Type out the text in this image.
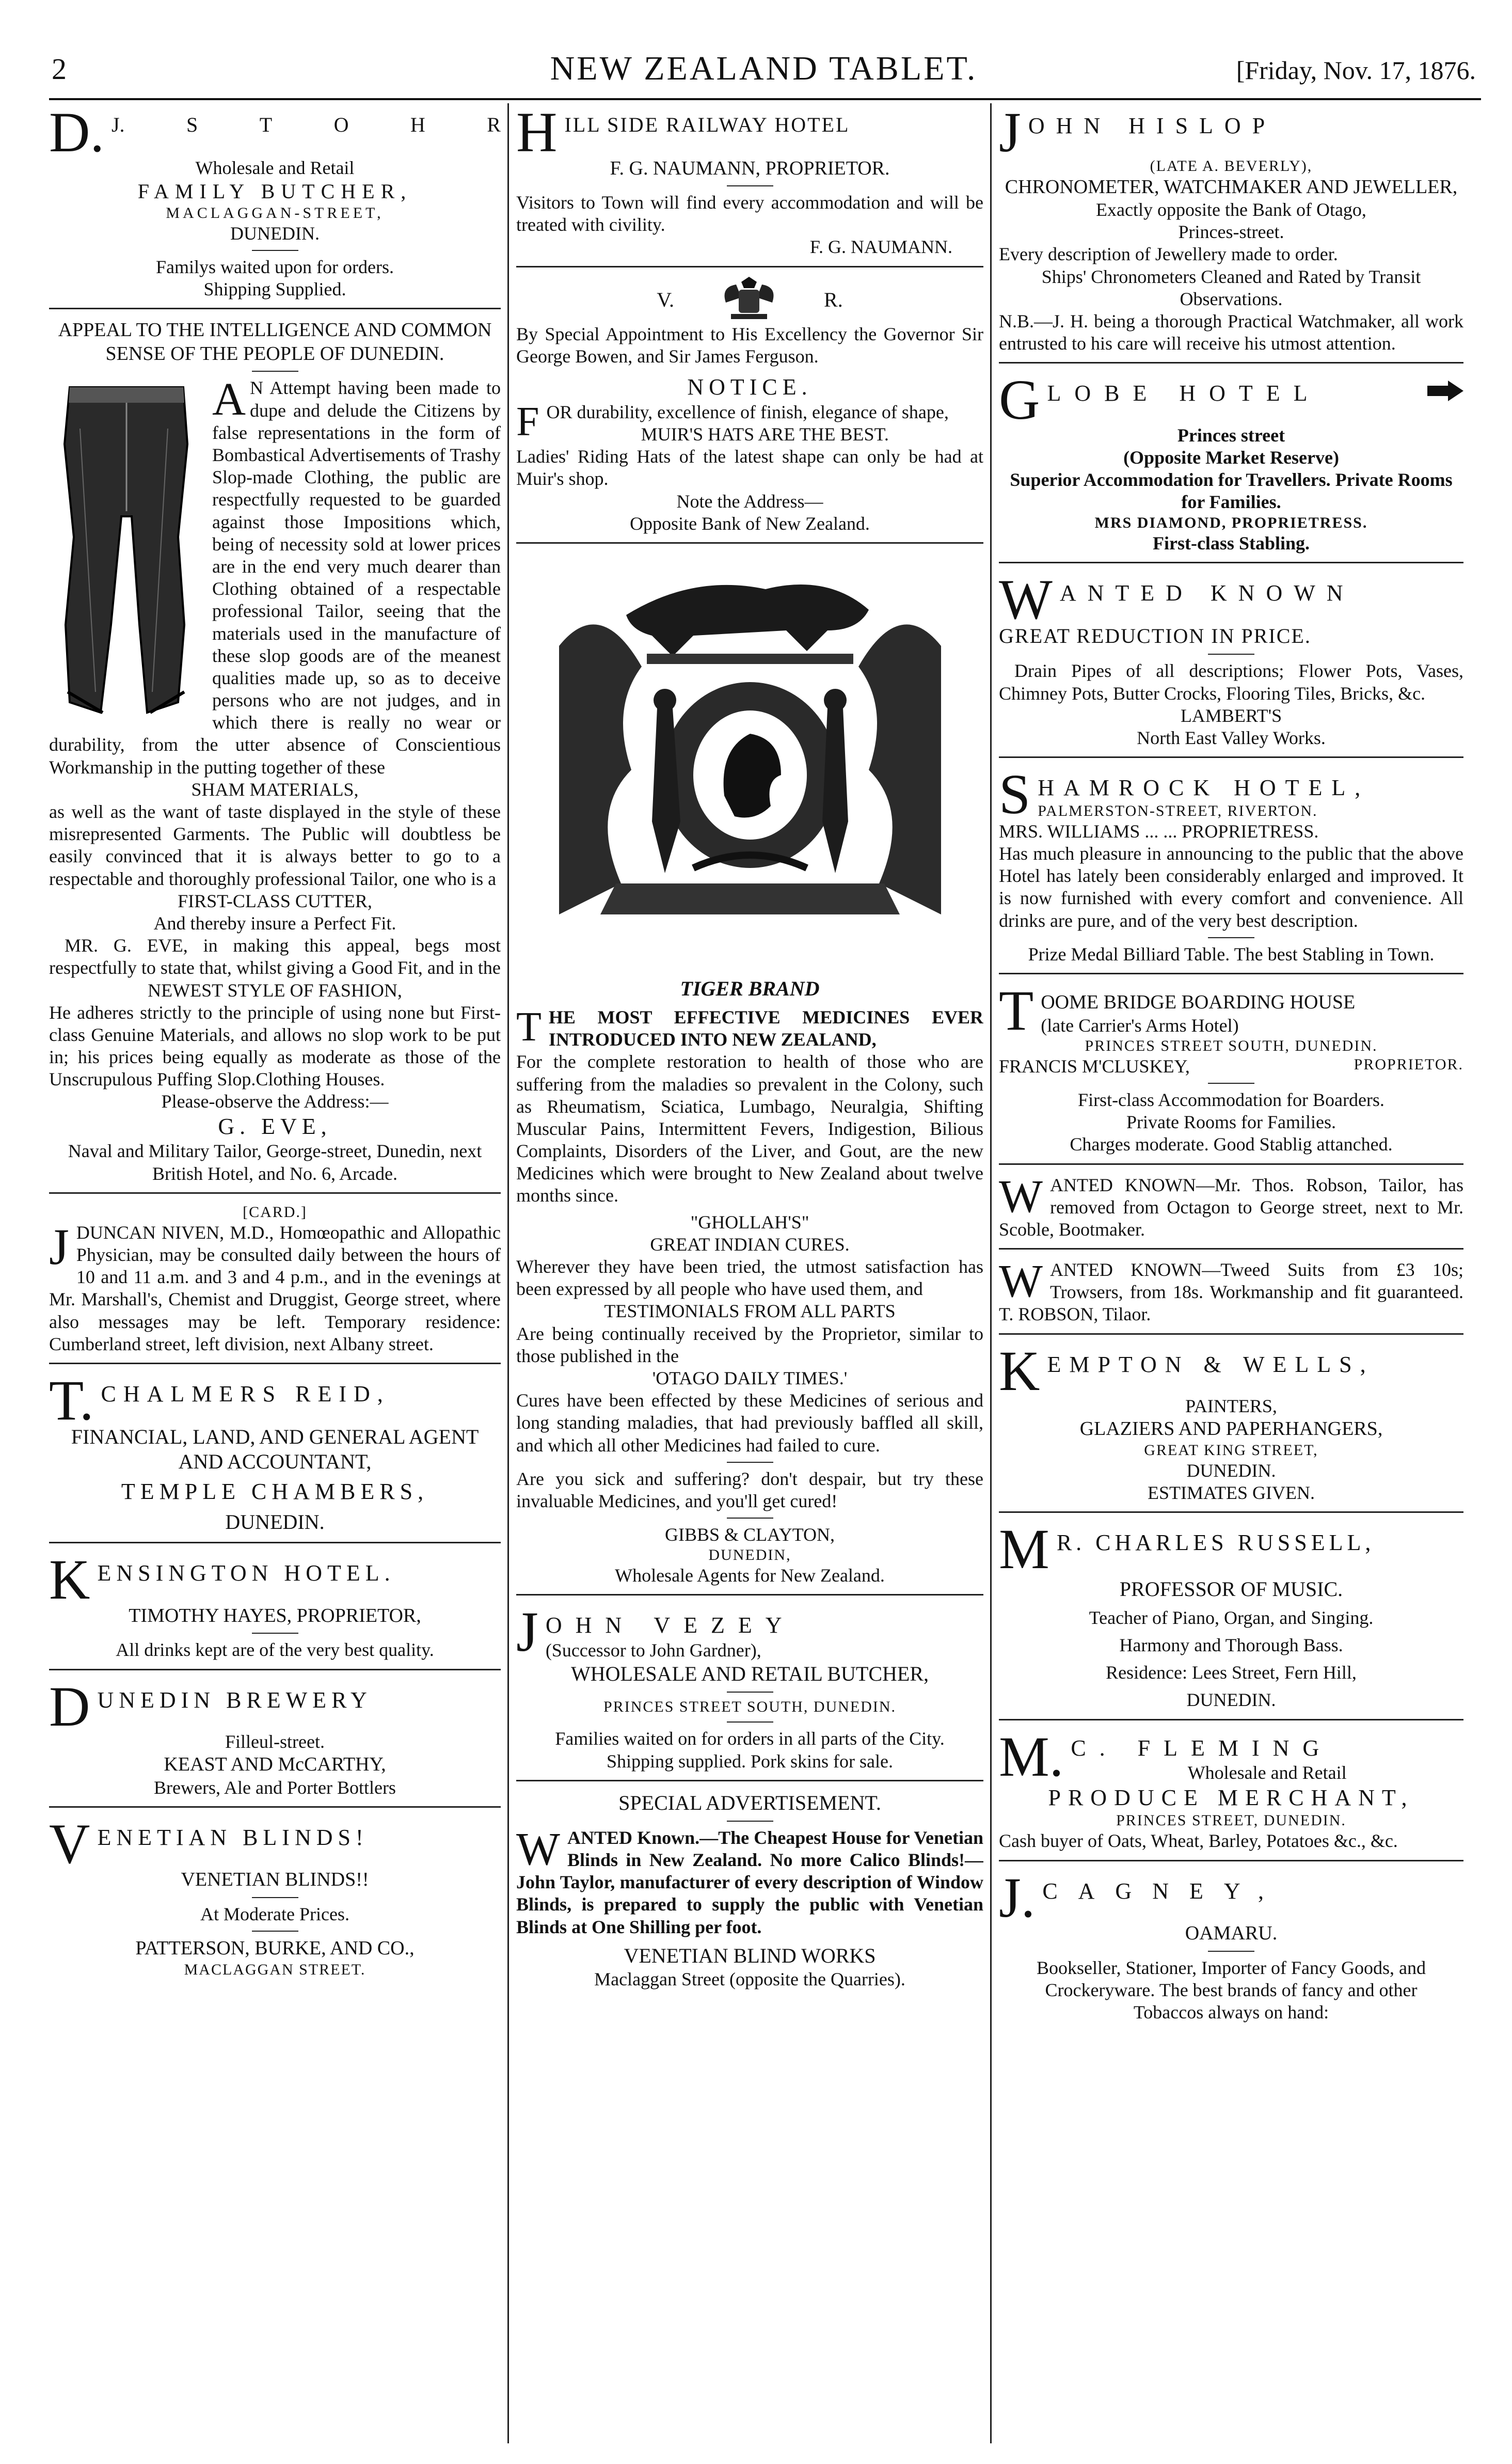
2	NEW ZEALAND TABLET.	[Friday, Nov. 17, 1876.
D. J.	S	T	O	H	R
Wholesale and Retail
FAMILY BUTCHER,
MACLAGGAN-STREET,
DUNEDIN.
Familys waited upon for orders.
Shipping Supplied.
APPEAL TO THE INTELLIGENCE AND COMMON SENSE OF THE PEOPLE OF DUNEDIN.

A N Attempt having been made to dupe and delude the Citizens by false representations in the form of Bombastical Advertisements of Trashy Slop-made Clothing, the public are respectfully requested to be guarded against those Impositions which, being of necessity sold at lower prices are in the end very much dearer than Clothing obtained of a respectable professional Tailor, seeing that the materials used in the manufacture of these slop goods are of the meanest qualities made up, so as to deceive persons who are not judges, and in which there is really no wear or durability, from the utter absence of Conscientious Workmanship in the putting together of these

SHAM MATERIALS,

as well as the want of taste displayed in the style of these misrepresented Garments. The Public will doubtless be easily convinced that it is always better to go to a respectable and thoroughly professional Tailor, one who is a

FIRST-CLASS CUTTER,
And thereby insure a Perfect Fit.

MR. G. EVE, in making this appeal, begs most respectfully to state that, whilst giving a Good Fit, and in the

NEWEST STYLE OF FASHION,

He adheres strictly to the principle of using none but First-class Genuine Materials, and allows no slop work to be put in; his prices being equally as moderate as those of the Unscrupulous Puffing Slop.Clothing Houses.

Please-observe the Address:—
G. EVE,
Naval and Military Tailor, George-street, Dunedin, next British Hotel, and No. 6, Arcade.
[CARD.]

JDUNCAN NIVEN, M.D., Homœopathic and Allopathic Physician, may be consulted daily between the hours of 10 and 11 a.m. and 3 and 4 p.m., and in the evenings at Mr. Marshall's, Chemist and Druggist, George street, where also messages may be left. Temporary residence: Cumberland street, left division, next Albany street.

T. CHALMERS REID,
FINANCIAL, LAND, AND GENERAL AGENT AND ACCOUNTANT,
TEMPLE CHAMBERS,
DUNEDIN.
K ENSINGTON HOTEL.
TIMOTHY HAYES, PROPRIETOR,
All drinks kept are of the very best quality.
D UNEDIN BREWERY
Filleul-street.
KEAST AND McCARTHY,
Brewers, Ale and Porter Bottlers
V ENETIAN BLINDS!
VENETIAN BLINDS!!
At Moderate Prices.
PATTERSON, BURKE, AND CO.,
MACLAGGAN STREET.
H ILL SIDE RAILWAY HOTEL
F. G. NAUMANN, PROPRIETOR.

Visitors to Town will find every accommodation and will be treated with civility.

F. G. NAUMANN.
V.	R.

By Special Appointment to His Excellency the Governor Sir George Bowen, and Sir James Ferguson.

NOTICE.

FOR durability, excellence of finish, elegance of shape,

MUIR'S HATS ARE THE BEST.

Ladies' Riding Hats of the latest shape can only be had at Muir's shop.

Note the Address—
Opposite Bank of New Zealand.
TIGER BRAND

THE MOST EFFECTIVE MEDICINES EVER INTRODUCED INTO NEW ZEALAND,

For the complete restoration to health of those who are suffering from the maladies so prevalent in the Colony, such as Rheumatism, Sciatica, Lumbago, Neuralgia, Shifting Muscular Pains, Intermittent Fevers, Indigestion, Bilious Complaints, Disorders of the Liver, and Gout, are the new Medicines which were brought to New Zealand about twelve months since.

"GHOLLAH'S"
GREAT INDIAN CURES.

Wherever they have been tried, the utmost satisfaction has been expressed by all people who have used them, and

TESTIMONIALS FROM ALL PARTS

Are being continually received by the Proprietor, similar to those published in the

'OTAGO DAILY TIMES.'

Cures have been effected by these Medicines of serious and long standing maladies, that had previously baffled all skill, and which all other Medicines had failed to cure.

Are you sick and suffering? don't despair, but try these invaluable Medicines, and you'll get cured!

GIBBS & CLAYTON,
DUNEDIN,
Wholesale Agents for New Zealand.
J OHN VEZEY
(Successor to John Gardner),
WHOLESALE AND RETAIL BUTCHER,
PRINCES STREET SOUTH, DUNEDIN.
Families waited on for orders in all parts of the City.
Shipping supplied. Pork skins for sale.
SPECIAL ADVERTISEMENT.

WANTED Known.—The Cheapest House for Venetian Blinds in New Zealand. No more Calico Blinds!—John Taylor, manufacturer of every description of Window Blinds, is prepared to supply the public with Venetian Blinds at One Shilling per foot.

VENETIAN BLIND WORKS
Maclaggan Street (opposite the Quarries).
J OHN HISLOP
(LATE A. BEVERLY),
CHRONOMETER, WATCHMAKER AND JEWELLER,
Exactly opposite the Bank of Otago,
Princes-street.
Every description of Jewellery made to order.
Ships' Chronometers Cleaned and Rated by Transit Observations.

N.B.—J. H. being a thorough Practical Watchmaker, all work entrusted to his care will receive his utmost attention.

G LOBE HOTEL
Princes street
(Opposite Market Reserve)
Superior Accommodation for Travellers. Private Rooms for Families.
MRS DIAMOND, PROPRIETRESS.
First-class Stabling.
W ANTED KNOWN
GREAT REDUCTION IN PRICE.

Drain Pipes of all descriptions; Flower Pots, Vases, Chimney Pots, Butter Crocks, Flooring Tiles, Bricks, &c.

LAMBERT'S
North East Valley Works.
S HAMROCK HOTEL,
PALMERSTON-STREET, RIVERTON.
MRS. WILLIAMS ... ... PROPRIETRESS.

Has much pleasure in announcing to the public that the above Hotel has lately been considerably enlarged and improved. It is now furnished with every comfort and convenience. All drinks are pure, and of the very best description.

Prize Medal Billiard Table. The best Stabling in Town.
T OOME BRIDGE BOARDING HOUSE
(late Carrier's Arms Hotel)
PRINCES STREET SOUTH, DUNEDIN.
FRANCIS M'CLUSKEY,	PROPRIETOR.
First-class Accommodation for Boarders.
Private Rooms for Families.
Charges moderate. Good Stablig attanched.

WANTED KNOWN—Mr. Thos. Robson, Tailor, has removed from Octagon to George street, next to Mr. Scoble, Bootmaker.

WANTED KNOWN—Tweed Suits from £3 10s; Trowsers, from 18s. Workmanship and fit guaranteed. T. ROBSON, Tilaor.

K EMPTON & WELLS,
PAINTERS,
GLAZIERS AND PAPERHANGERS,
GREAT KING STREET,
DUNEDIN.
ESTIMATES GIVEN.
M R. CHARLES RUSSELL,
PROFESSOR OF MUSIC.
Teacher of Piano, Organ, and Singing.
Harmony and Thorough Bass.
Residence: Lees Street, Fern Hill,
DUNEDIN.
M. C. FLEMING
Wholesale and Retail
PRODUCE MERCHANT,
PRINCES STREET, DUNEDIN.

Cash buyer of Oats, Wheat, Barley, Potatoes &c., &c.

J. CAGNEY,
OAMARU.

Bookseller, Stationer, Importer of Fancy Goods, and Crockeryware. The best brands of fancy and other Tobaccos always on hand:
